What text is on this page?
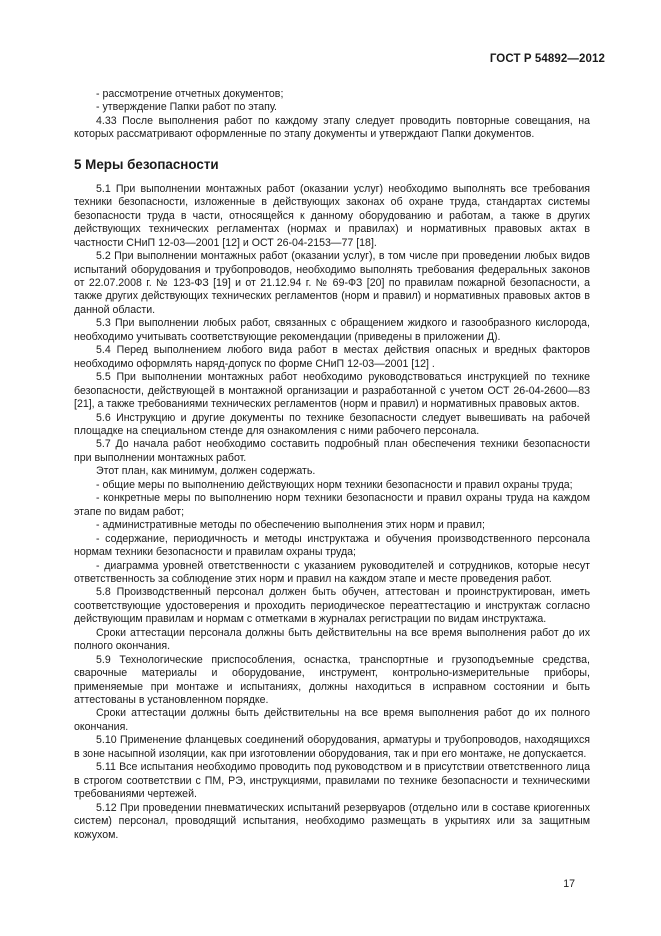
ГОСТ Р 54892—2012

- рассмотрение отчетных документов;

- утверждение Папки работ по этапу.

4.33 После выполнения работ по каждому этапу следует проводить повторные совещания, на которых рассматривают оформленные по этапу документы и утверждают Папки документов.

5 Меры безопасности

5.1 При выполнении монтажных работ (оказании услуг) необходимо выполнять все требования техники безопасности, изложенные в действующих законах об охране труда, стандартах системы безопасности труда в части, относящейся к данному оборудованию и работам, а также в других действующих технических регламентах (нормах и правилах) и нормативных правовых актах в частности СНиП 12-03—2001 [12] и ОСТ 26-04-2153—77 [18].

5.2 При выполнении монтажных работ (оказании услуг), в том числе при проведении любых видов испытаний оборудования и трубопроводов, необходимо выполнять требования федеральных законов от 22.07.2008 г. № 123-ФЗ [19] и от 21.12.94 г. № 69-ФЗ [20] по правилам пожарной безопасности, а также других действующих технических регламентов (норм и правил) и нормативных правовых актов в данной области.

5.3 При выполнении любых работ, связанных с обращением жидкого и газообразного кислорода, необходимо учитывать соответствующие рекомендации (приведены в приложении Д).

5.4 Перед выполнением любого вида работ в местах действия опасных и вредных факторов необходимо оформлять наряд-допуск по форме СНиП 12-03—2001 [12] .

5.5 При выполнении монтажных работ необходимо руководствоваться инструкцией по технике безопасности, действующей в монтажной организации и разработанной с учетом ОСТ 26-04-2600—83 [21], а также требованиями технических регламентов (норм и правил) и нормативных правовых актов.

5.6 Инструкцию и другие документы по технике безопасности следует вывешивать на рабочей площадке на специальном стенде для ознакомления с ними рабочего персонала.

5.7 До начала работ необходимо составить подробный план обеспечения техники безопасности при выполнении монтажных работ.

Этот план, как минимум, должен содержать.

- общие меры по выполнению действующих норм техники безопасности и правил охраны труда;

- конкретные меры по выполнению норм техники безопасности и правил охраны труда на каждом этапе по видам работ;

- административные методы по обеспечению выполнения этих норм и правил;

- содержание, периодичность и методы инструктажа и обучения производственного персонала нормам техники безопасности и правилам охраны труда;

- диаграмма уровней ответственности с указанием руководителей и сотрудников, которые несут ответственность за соблюдение этих норм и правил на каждом этапе и месте проведения работ.

5.8 Производственный персонал должен быть обучен, аттестован и проинструктирован, иметь соответствующие удостоверения и проходить периодическое переаттестацию и инструктаж согласно действующим правилам и нормам с отметками в журналах регистрации по видам инструктажа.

Сроки аттестации персонала должны быть действительны на все время выполнения работ до их полного окончания.

5.9 Технологические приспособления, оснастка, транспортные и грузоподъемные средства, сварочные материалы и оборудование, инструмент, контрольно-измерительные приборы, применяемые при монтаже и испытаниях, должны находиться в исправном состоянии и быть аттестованы в установленном порядке.

Сроки аттестации должны быть действительны на все время выполнения работ до их полного окончания.

5.10 Применение фланцевых соединений оборудования, арматуры и трубопроводов, находящихся в зоне насыпной изоляции, как при изготовлении оборудования, так и при его монтаже, не допускается.

5.11 Все испытания необходимо проводить под руководством и в присутствии ответственного лица в строгом соответствии с ПМ, РЭ, инструкциями, правилами по технике безопасности и техническими требованиями чертежей.

5.12 При проведении пневматических испытаний резервуаров (отдельно или в составе криогенных систем) персонал, проводящий испытания, необходимо размещать в укрытиях или за защитным кожухом.

17
